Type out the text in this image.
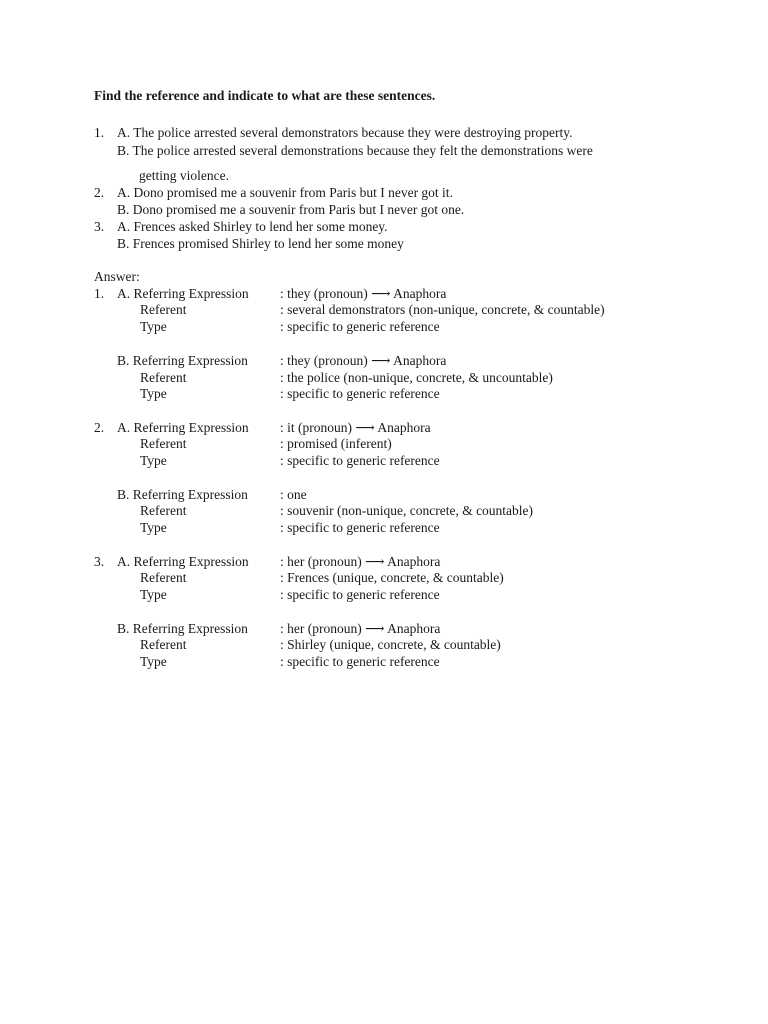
Find the reference and indicate to what are these sentences.
1. A. The police arrested several demonstrators because they were destroying property.
B. The police arrested several demonstrations because they felt the demonstrations were
getting violence.
2. A. Dono promised me a souvenir from Paris but I never got it.
B. Dono promised me a souvenir from Paris but I never got one.
3. A. Frences asked Shirley to lend her some money.
B. Frences promised Shirley to lend her some money
Answer:
1. A. Referring Expression : they (pronoun) ⟶ Anaphora
Referent	: several demonstrators (non-unique, concrete, & countable)
Type	: specific to generic reference
B. Referring Expression : they (pronoun) ⟶ Anaphora
Referent	: the police (non-unique, concrete, & uncountable)
Type	: specific to generic reference
2. A. Referring Expression : it (pronoun) ⟶ Anaphora
Referent	: promised (inferent)
Type	: specific to generic reference
B. Referring Expression : one
Referent	: souvenir (non-unique, concrete, & countable)
Type	: specific to generic reference
3. A. Referring Expression : her (pronoun) ⟶ Anaphora
Referent	: Frences (unique, concrete, & countable)
Type	: specific to generic reference
B. Referring Expression : her (pronoun) ⟶ Anaphora
Referent	: Shirley (unique, concrete, & countable)
Type	: specific to generic reference
